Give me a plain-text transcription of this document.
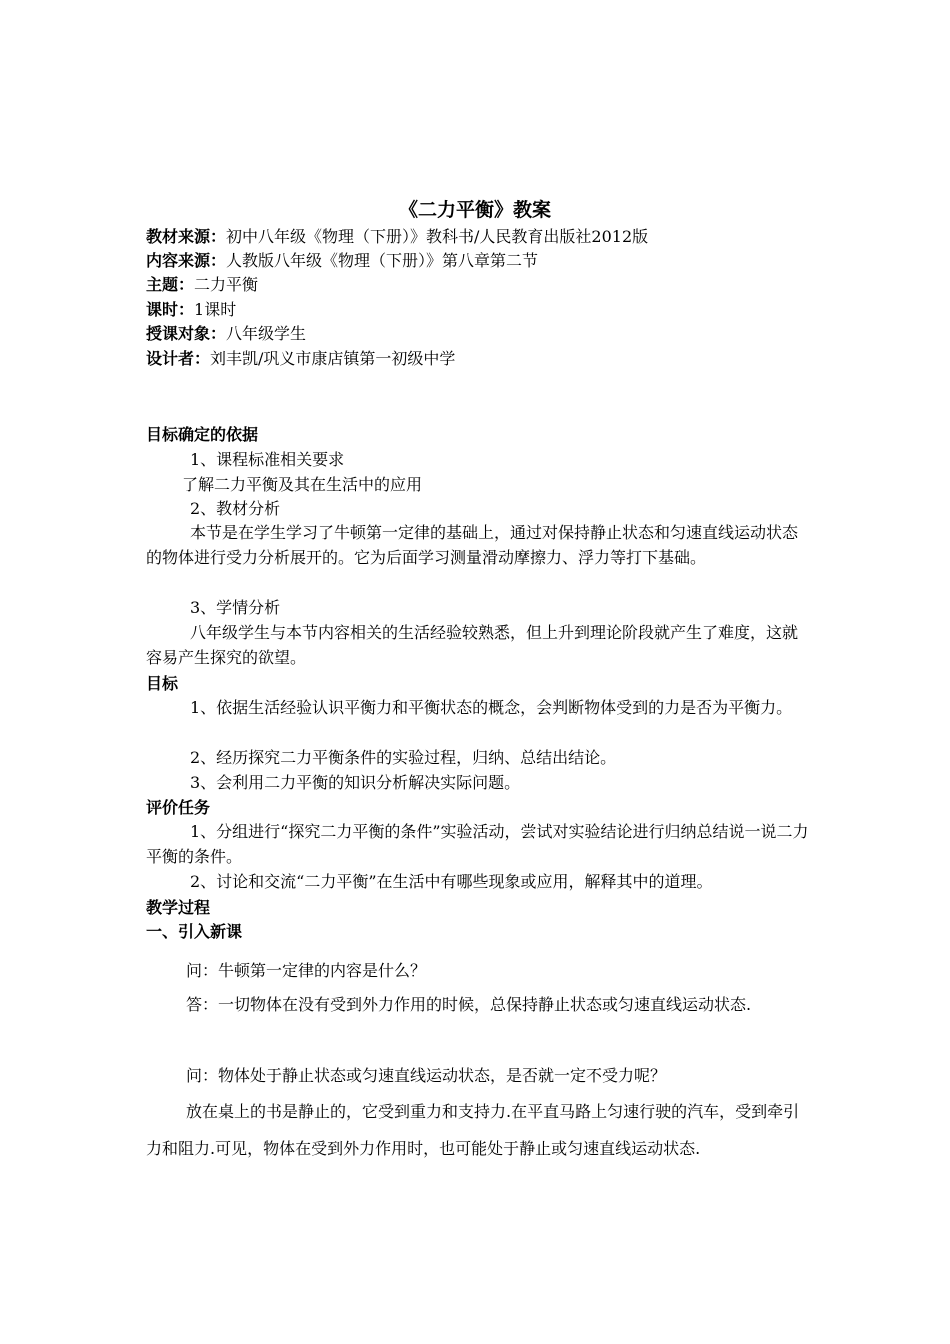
《二力平衡》教案
教材来源：初中八年级《物理（下册）》教科书/人民教育出版社2012版
内容来源：人教版八年级《物理（下册）》第八章第二节
主题：二力平衡
课时：1课时
授课对象：八年级学生
设计者：刘丰凯/巩义市康店镇第一初级中学
目标确定的依据
1、课程标准相关要求
了解二力平衡及其在生活中的应用
2、教材分析
本节是在学生学习了牛顿第一定律的基础上，通过对保持静止状态和匀速直线运动状态的物体进行受力分析展开的。它为后面学习测量滑动摩擦力、浮力等打下基础。
3、学情分析
八年级学生与本节内容相关的生活经验较熟悉，但上升到理论阶段就产生了难度，这就容易产生探究的欲望。
目标
1、依据生活经验认识平衡力和平衡状态的概念，会判断物体受到的力是否为平衡力。
2、经历探究二力平衡条件的实验过程，归纳、总结出结论。
3、会利用二力平衡的知识分析解决实际问题。
评价任务
1、分组进行“探究二力平衡的条件”实验活动，尝试对实验结论进行归纳总结说一说二力平衡的条件。
2、讨论和交流“二力平衡”在生活中有哪些现象或应用，解释其中的道理。
教学过程
一、引入新课
问：牛顿第一定律的内容是什么？
答：一切物体在没有受到外力作用的时候，总保持静止状态或匀速直线运动状态.
问：物体处于静止状态或匀速直线运动状态，是否就一定不受力呢？
放在桌上的书是静止的，它受到重力和支持力.在平直马路上匀速行驶的汽车，受到牵引力和阻力.可见，物体在受到外力作用时，也可能处于静止或匀速直线运动状态.
